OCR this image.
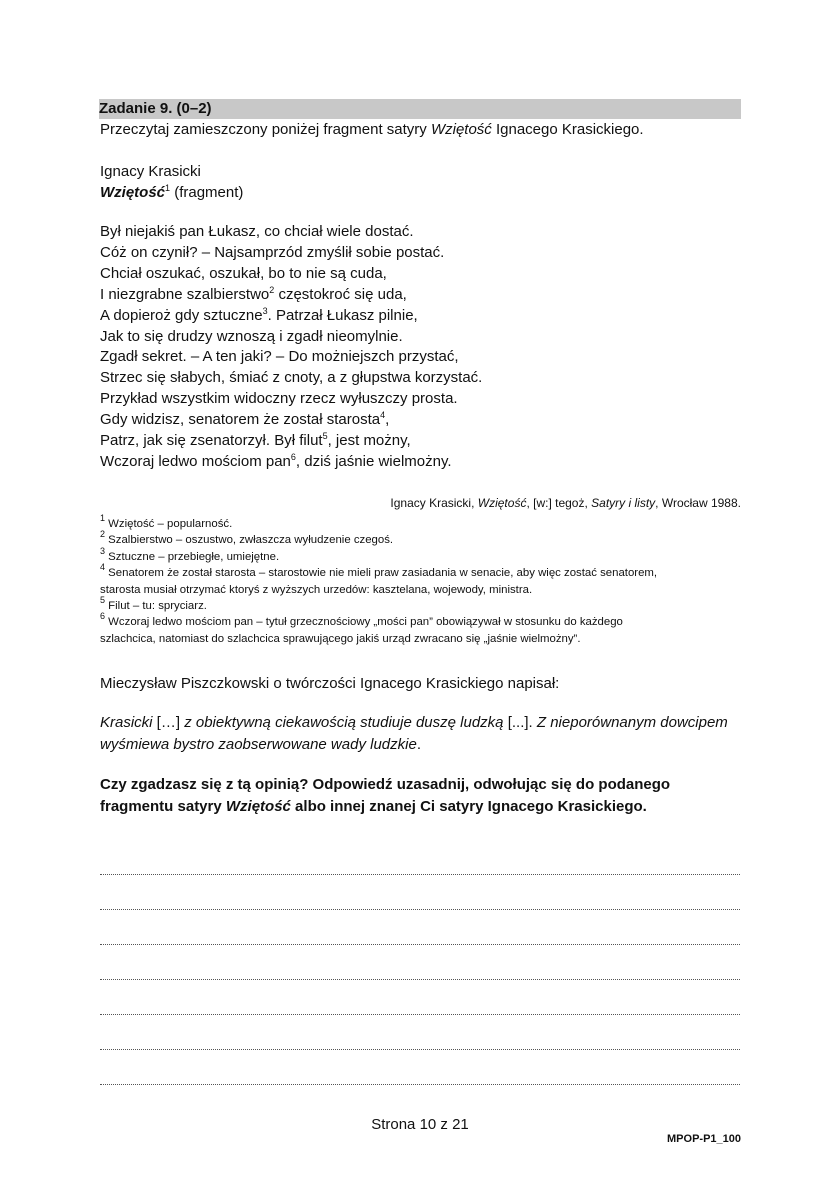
Zadanie 9. (0–2)
Przeczytaj zamieszczony poniżej fragment satyry Wziętość Ignacego Krasickiego.
Ignacy Krasicki
Wziętość$^1$ (fragment)
Był niejakiś pan Łukasz, co chciał wiele dostać.
Cóż on czynił? – Najsamprzód zmyślił sobie postać.
Chciał oszukać, oszukał, bo to nie są cuda,
I niezgrabne szalbierstwo$^2$ częstokroć się uda,
A dopieroż gdy sztuczne$^3$. Patrzał Łukasz pilnie,
Jak to się drudzy wznoszą i zgadł nieomylnie.
Zgadł sekret. – A ten jaki? – Do możniejszch przystać,
Strzec się słabych, śmiać z cnoty, a z głupstwa korzystać.
Przykład wszystkim widoczny rzecz wyłuszczy prosta.
Gdy widzisz, senatorem że został starosta$^4$,
Patrz, jak się zsenatorzył. Był filut$^5$, jest możny,
Wczoraj ledwo mościom pan$^6$, dziś jaśnie wielmożny.
Ignacy Krasicki, Wziętość, [w:] tegoż, Satyry i listy, Wrocław 1988.
$^1$ Wziętość – popularność.
$^2$ Szalbierstwo – oszustwo, zwłaszcza wyłudzenie czegoś.
$^3$ Sztuczne – przebiegłe, umiejętne.
$^4$ Senatorem że został starosta – starostowie nie mieli praw zasiadania w senacie, aby więc zostać senatorem,
starosta musiał otrzymać ktoryś z wyższych urzedów: kasztelana, wojewody, ministra.
$^5$ Filut – tu: spryciarz.
$^6$ Wczoraj ledwo mościom pan – tytuł grzecznościowy „mości pan” obowiązywał w stosunku do każdego
szlachcica, natomiast do szlachcica sprawującego jakiś urząd zwracano się „jaśnie wielmożny”.
Mieczysław Piszczkowski o twórczości Ignacego Krasickiego napisał:
Krasicki […] z obiektywną ciekawością studiuje duszę ludzką [...]. Z nieporównanym dowcipem wyśmiewa bystro zaobserwowane wady ludzkie.
Czy zgadzasz się z tą opinią? Odpowiedź uzasadnij, odwołując się do podanego fragmentu satyry Wziętość albo innej znanej Ci satyry Ignacego Krasickiego.
Strona 10 z 21
MPOP-P1_100
